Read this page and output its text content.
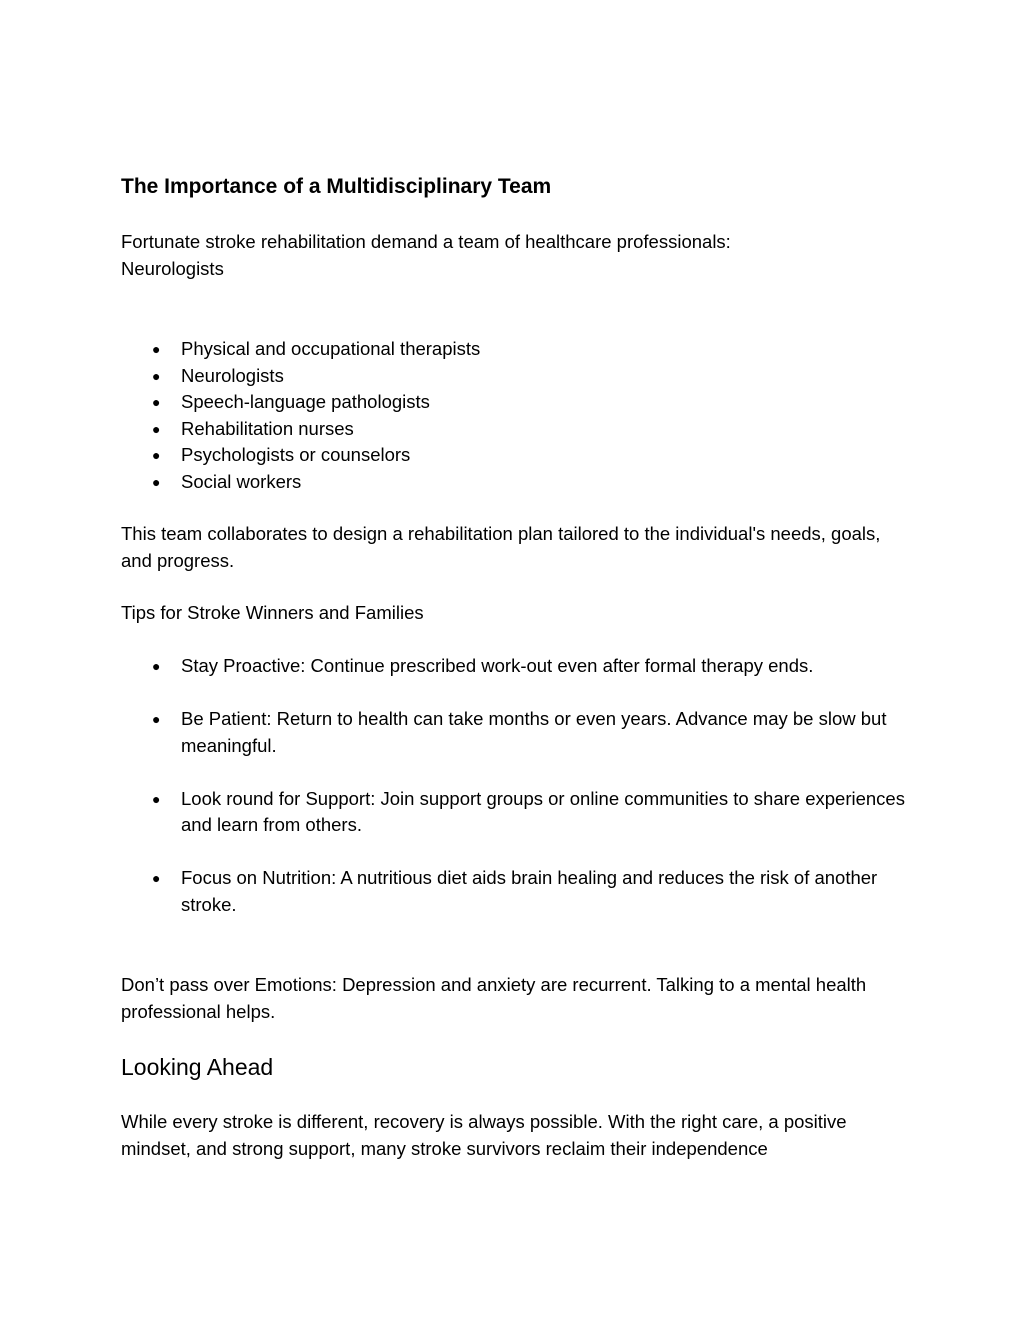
The Importance of a Multidisciplinary Team

Fortunate stroke rehabilitation demand a team of healthcare professionals:
Neurologists

● Physical and occupational therapists
● Neurologists
● Speech-language pathologists
● Rehabilitation nurses
● Psychologists or counselors
● Social workers

This team collaborates to design a rehabilitation plan tailored to the individual's needs, goals, and progress.

Tips for Stroke Winners and Families

● Stay Proactive: Continue prescribed work-out even after formal therapy ends.
● Be Patient: Return to health can take months or even years. Advance may be slow but meaningful.
● Look round for Support: Join support groups or online communities to share experiences and learn from others.
● Focus on Nutrition: A nutritious diet aids brain healing and reduces the risk of another stroke.

Don’t pass over Emotions: Depression and anxiety are recurrent. Talking to a mental health professional helps.

Looking Ahead

While every stroke is different, recovery is always possible. With the right care, a positive mindset, and strong support, many stroke survivors reclaim their independence
